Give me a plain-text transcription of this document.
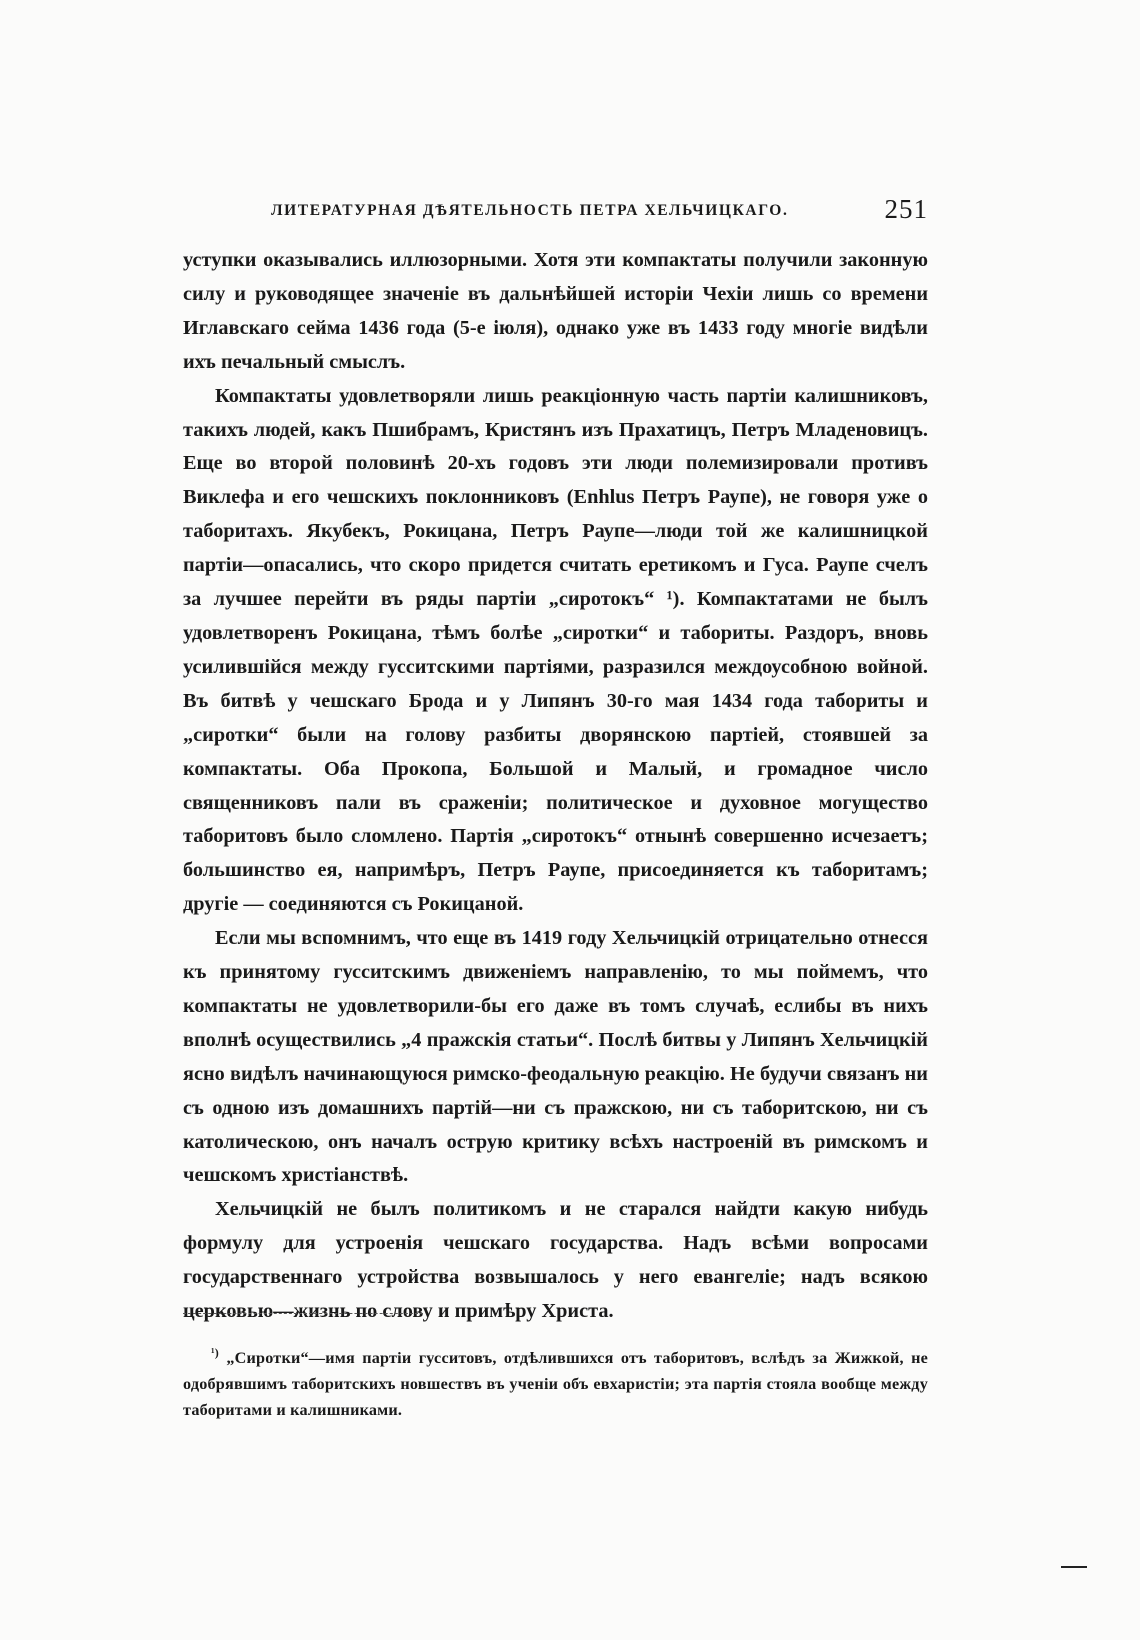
ЛИТЕРАТУРНАЯ ДѢЯТЕЛЬНОСТЬ ПЕТРА ХЕЛЬЧИЦКАГО.	251

уступки оказывались иллюзорными. Хотя эти компактаты получили законную силу и руководящее значенiе въ дальнѣйшей исторiи Чехiи лишь со времени Иглавскаго сейма 1436 года (5-е iюля), однако уже въ 1433 году многiе видѣли ихъ печальный смыслъ.

Компактаты удовлетворяли лишь реакцiонную часть партiи калишниковъ, такихъ людей, какъ Пшибрамъ, Кристянъ изъ Прахатицъ, Петръ Младеновицъ. Еще во второй половинѣ 20-хъ годовъ эти люди полемизировали противъ Виклефа и его чешскихъ поклонниковъ (Enhlus Петръ Раупе), не говоря уже о таборитахъ. Якубекъ, Рокицана, Петръ Раупе—люди той же калишницкой партiи—опасались, что скоро придется считать еретикомъ и Гуса. Раупе счелъ за лучшее перейти въ ряды партiи „сиротокъ“ ¹). Компактатами не былъ удовлетворенъ Рокицана, тѣмъ болѣе „сиротки“ и табориты. Раздоръ, вновь усилившiйся между гусситскими партiями, разразился междоусобною войной. Въ битвѣ у чешскаго Брода и у Липянъ 30-го мая 1434 года табориты и „сиротки“ были на голову разбиты дворянскою партiей, стоявшей за компактаты. Оба Прокопа, Большой и Малый, и громадное число священниковъ пали въ сраженiи; политическое и духовное могущество таборитовъ было сломлено. Партiя „сиротокъ“ отнынѣ совершенно исчезаетъ; большинство ея, напримѣръ, Петръ Раупе, присоединяется къ таборитамъ; другiе — соединяются съ Рокицаной.

Если мы вспомнимъ, что еще въ 1419 году Хельчицкiй отрицательно отнесся къ принятому гусситскимъ движенiемъ направленiю, то мы поймемъ, что компактаты не удовлетворили-бы его даже въ томъ случаѣ, еслибы въ нихъ вполнѣ осуществились „4 пражскiя статьи“. Послѣ битвы у Липянъ Хельчицкiй ясно видѣлъ начинающуюся римско-феодальную реакцiю. Не будучи связанъ ни съ одною изъ домашнихъ партiй—ни съ пражскою, ни съ таборитскою, ни съ католическою, онъ началъ острую критику всѣхъ настроенiй въ римскомъ и чешскомъ христiанствѣ.

Хельчицкiй не былъ политикомъ и не старался найдти какую нибудь формулу для устроенiя чешскаго государства. Надъ всѣми вопросами государственнаго устройства возвышалось у него евангелiе; надъ всякою церковью—жизнь по слову и примѣру Христа.

$^{^1)}$ „Сиротки“—имя партiи гусситовъ, отдѣлившихся отъ таборитовъ, вслѣдъ за Жижкой, не одобрявшимъ таборитскихъ новшествъ въ ученiи объ евхаристiи; эта партiя стояла вообще между таборитами и калишниками.
